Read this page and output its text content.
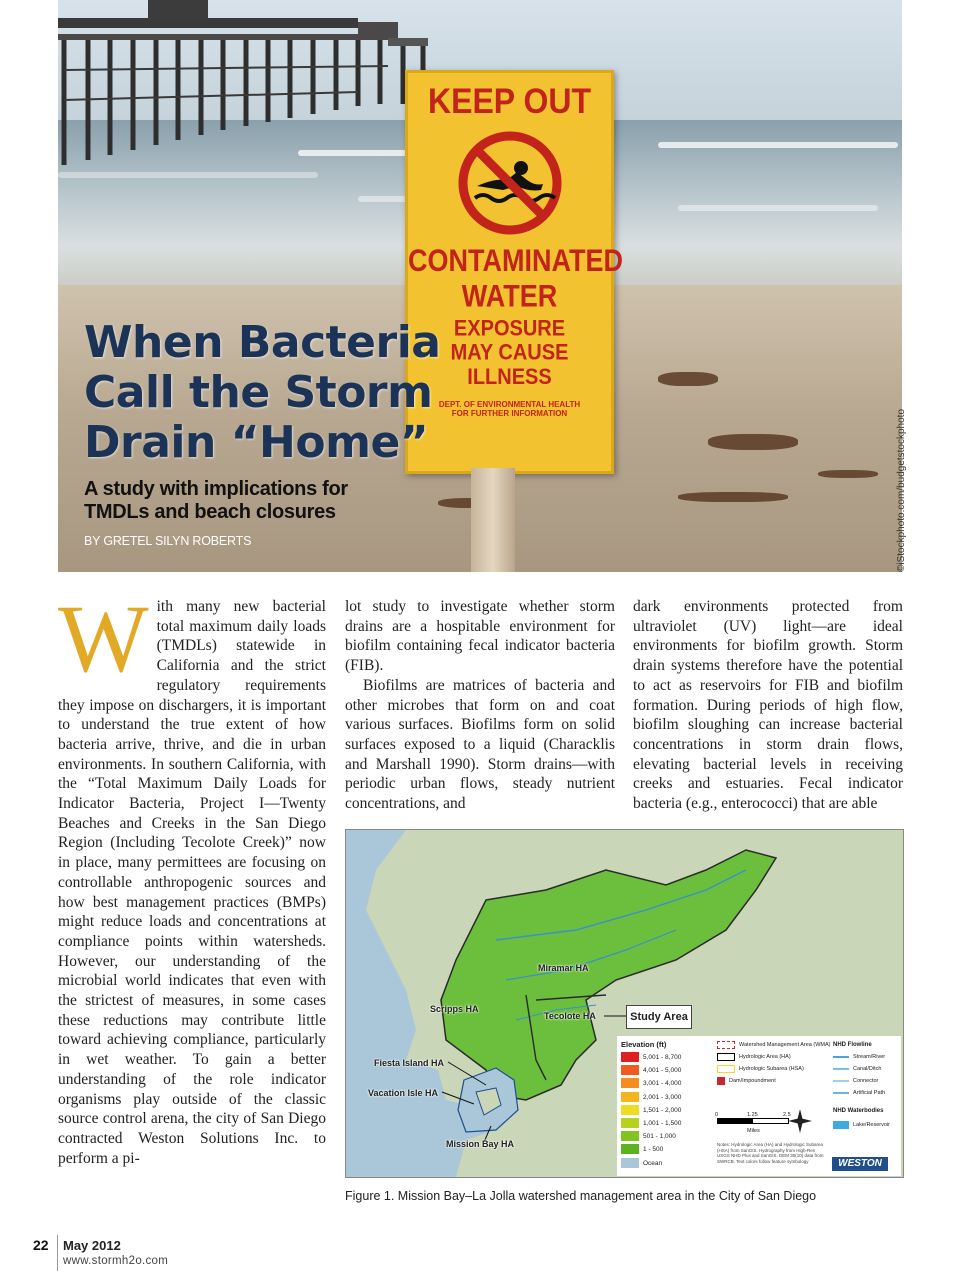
KEEP OUT
CONTAMINATED
WATER
EXPOSURE
MAY CAUSE ILLNESS
DEPT. OF ENVIRONMENTAL HEALTH
FOR FURTHER INFORMATION
When Bacteria
Call the Storm
Drain “Home”
A study with implications for
TMDLs and beach closures
BY GRETEL SILYN ROBERTS	©iStockphoto.com/budgetstockphoto

With many new bacterial total maximum daily loads (TMDLs) statewide in California and the strict regulatory requirements they impose on dischargers, it is important to understand the true extent of how bacteria arrive, thrive, and die in urban environments. In southern California, with the “Total Maximum Daily Loads for Indicator Bacteria, Project I—Twenty Beaches and Creeks in the San Diego Region (Including Tecolote Creek)” now in place, many permittees are focusing on controllable anthropogenic sources and how best management practices (BMPs) might reduce loads and concentrations at compliance points within watersheds. However, our understanding of the microbial world indicates that even with the strictest of measures, in some cases these reductions may contribute little toward achieving compliance, particularly in wet weather. To gain a better understanding of the role indicator organisms play outside of the classic source control arena, the city of San Diego contracted Weston Solutions Inc. to perform a pi-

lot study to investigate whether storm drains are a hospitable environment for biofilm containing fecal indicator bacteria (FIB).

Biofilms are matrices of bacteria and other microbes that form on and coat various surfaces. Biofilms form on solid surfaces exposed to a liquid (Characklis and Marshall 1990). Storm drains—with periodic urban flows, steady nutrient concentrations, and

dark environments protected from ultraviolet (UV) light—are ideal environments for biofilm growth. Storm drain systems therefore have the potential to act as reservoirs for FIB and biofilm formation. During periods of high flow, biofilm sloughing can increase bacterial concentrations in storm drain flows, elevating bacterial levels in receiving creeks and estuaries. Fecal indicator bacteria (e.g., enterococci) that are able

Miramar HA
Scripps HA
Tecolote HA
Fiesta Island HA
Vacation Isle HA
Mission Bay HA
Study Area
Elevation (ft)
5,001 - 8,700
4,001 - 5,000
3,001 - 4,000
2,001 - 3,000
1,501 - 2,000
1,001 - 1,500
501 - 1,000
1 - 500
Ocean
Watershed Management Area (WMA)
Hydrologic Area (HA)
Hydrologic Subarea (HSA)
Dam/Impoundment
0	1.25	2.5
Miles
Notes: Hydrologic Area (HA) and Hydrologic Subarea (HSA) from SanGIS. Hydrography from High-Res USGS NHD Plus and SanGIS. DEM 30(10) data from SWRCB. Text colors follow feature symbology
NHD Flowline
Stream/River
Canal/Ditch
Connector
Artificial Path
NHD Waterbodies
Lake/Reservoir
WESTON
Figure 1. Mission Bay–La Jolla watershed management area in the City of San Diego
22 May 2012
www.stormh2o.com
